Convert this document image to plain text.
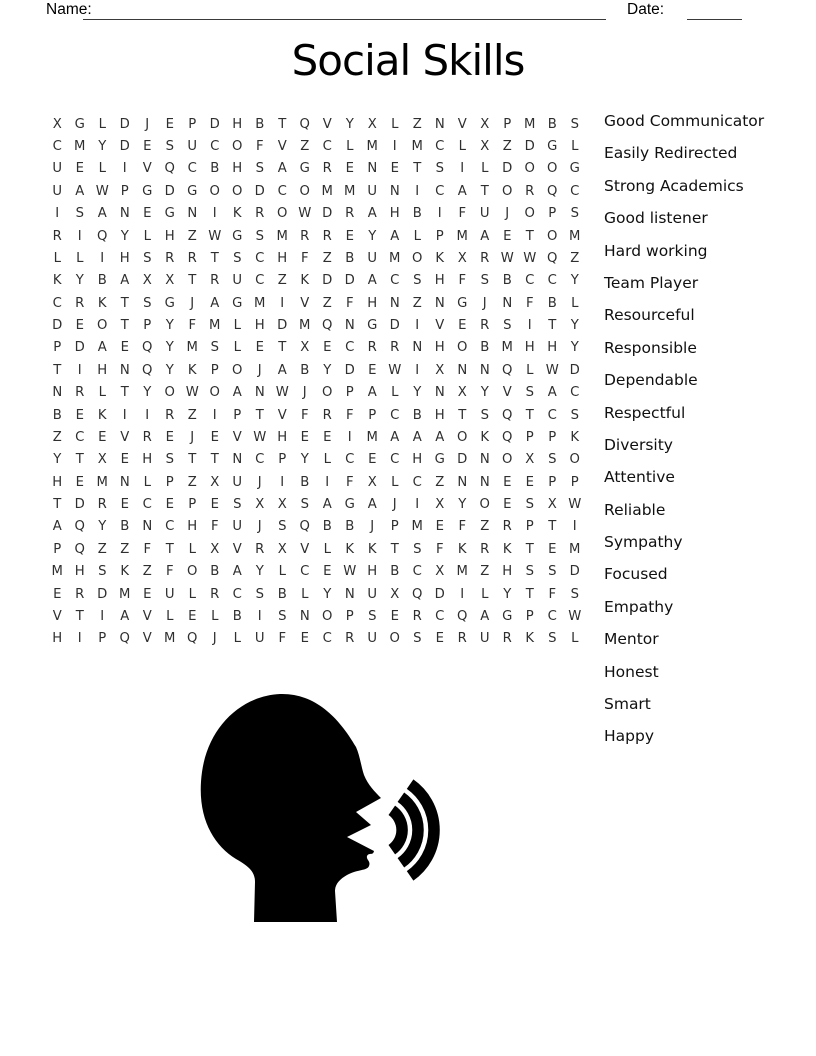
Name:	Date:
Social Skills
X G	L	D	J	E	P	D H B	T	Q V	Y	X	L	Z N V	X	P M B	S
C M Y	D	E	S	U C O	F	V	Z	C	L M	I	M C	L	X	Z D G	L
U	E	L	I	V Q C	B H	S	A G R	E	N	E	T	S	I	L	D O O G
U A W P	G D G O O D C O M M U N	I	C	A	T	O R Q C
I	S	A N	E	G N	I	K	R O W D R	A H B	I	F	U	J	O	P	S
R	I	Q	Y	L	H Z W G	S M R	R	E	Y	A	L	P M A	E	T	O M
L	L	I	H	S	R	R	T	S	C H	F	Z	B U M O K	X	R W W Q Z
K	Y	B	A	X	X	T	R U C	Z	K D D A	C	S	H	F	S	B	C	C	Y
C	R	K	T	S G	J	A G M	I	V	Z	F	H N Z N G	J	N	F	B	L
D	E O	T	P	Y	F M L	H D M Q N G D	I	V	E	R	S	I	T	Y
P	D A	E Q	Y M S	L	E	T	X	E	C	R	R N H O B M H H	Y
T	I	H N Q	Y	K	P	O	J	A	B	Y	D	E W	I	X N N Q	L W D
N R	L	T	Y	O W O A N W	J	O	P	A	L	Y	N X	Y	V	S	A	C
B	E	K	I	I	R	Z	I	P	T	V	F	R	F	P	C	B H	T	S Q	T	C	S
Z	C	E	V	R	E	J	E	V W H	E	E	I	M A	A	A O K Q	P	P	K
Y	T	X	E	H	S	T	T	N C	P	Y	L	C	E	C H G D N O X	S O
H	E M N	L	P	Z	X U	J	I	B	I	F	X	L	C	Z N N	E	E	P	P
T	D R	E	C	E	P	E	S	X	X	S	A G A	J	I	X	Y	O E	S	X W
A Q	Y	B N C H	F	U	J	S Q B	B	J	P M E	F	Z	R	P	T	I
P	Q Z	Z	F	T	L	X	V	R	X	V	L	K	K	T	S	F	K	R	K	T	E M
M H	S	K	Z	F	O B	A	Y	L	C	E W H B	C	X M Z H	S	S	D
E	R D M E	U	L	R	C	S	B	L	Y	N U X Q D	I	L	Y	T	F	S
V	T	I	A	V	L	E	L	B	I	S	N O	P	S	E	R	C Q A G	P	C W
H	I	P	Q V M Q	J	L	U	F	E	C	R U O S	E	R U R	K	S	L
Good Communicator
Easily Redirected
Strong Academics
Good listener
Hard working
Team Player
Resourceful
Responsible
Dependable
Respectful
Diversity
Attentive
Reliable
Sympathy
Focused
Empathy
Mentor
Honest
Smart
Happy
